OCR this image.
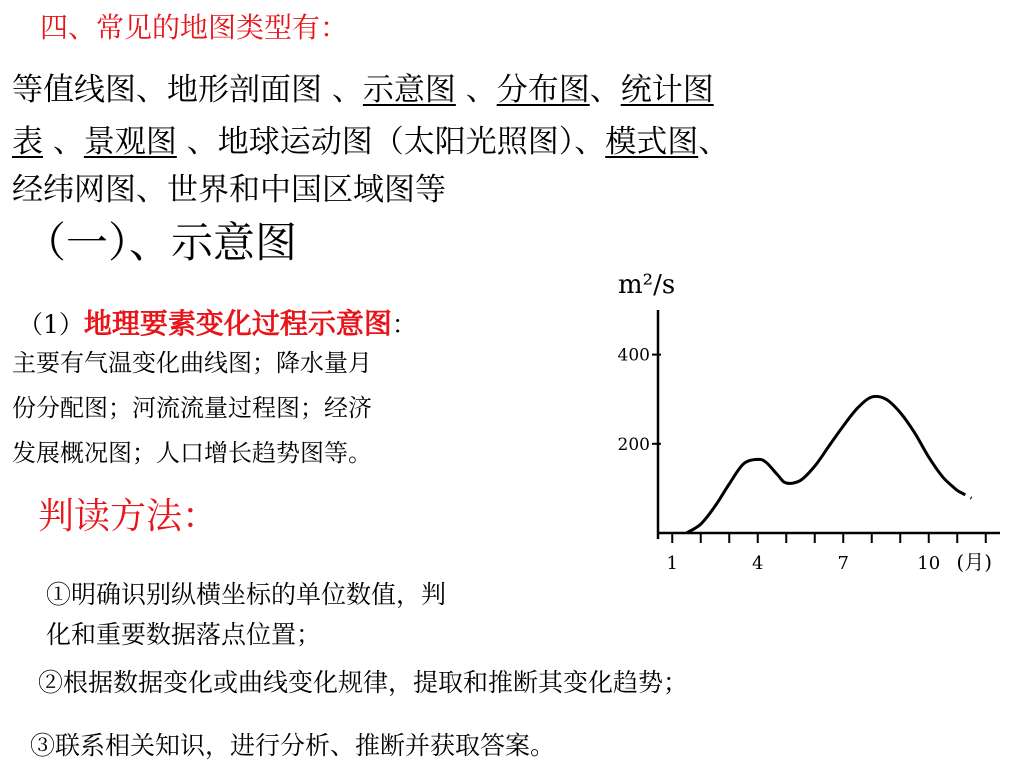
四、常见的地图类型有：
等值线图、地形剖面图 、示意图 、分布图、统计图
表 、景观图 、地球运动图（太阳光照图）、模式图、
经纬网图、世界和中国区域图等
（一）、示意图
（1）地理要素变化过程示意图：
主要有气温变化曲线图；降水量月
份分配图；河流流量过程图；经济
发展概况图；人口增长趋势图等。
判读方法：
①明确识别纵横坐标的单位数值，判
化和重要数据落点位置；
②根据数据变化或曲线变化规律，提取和推断其变化趋势；
③联系相关知识，进行分析、推断并获取答案。
m²/s
1	4	7	10
200
400
(月)
